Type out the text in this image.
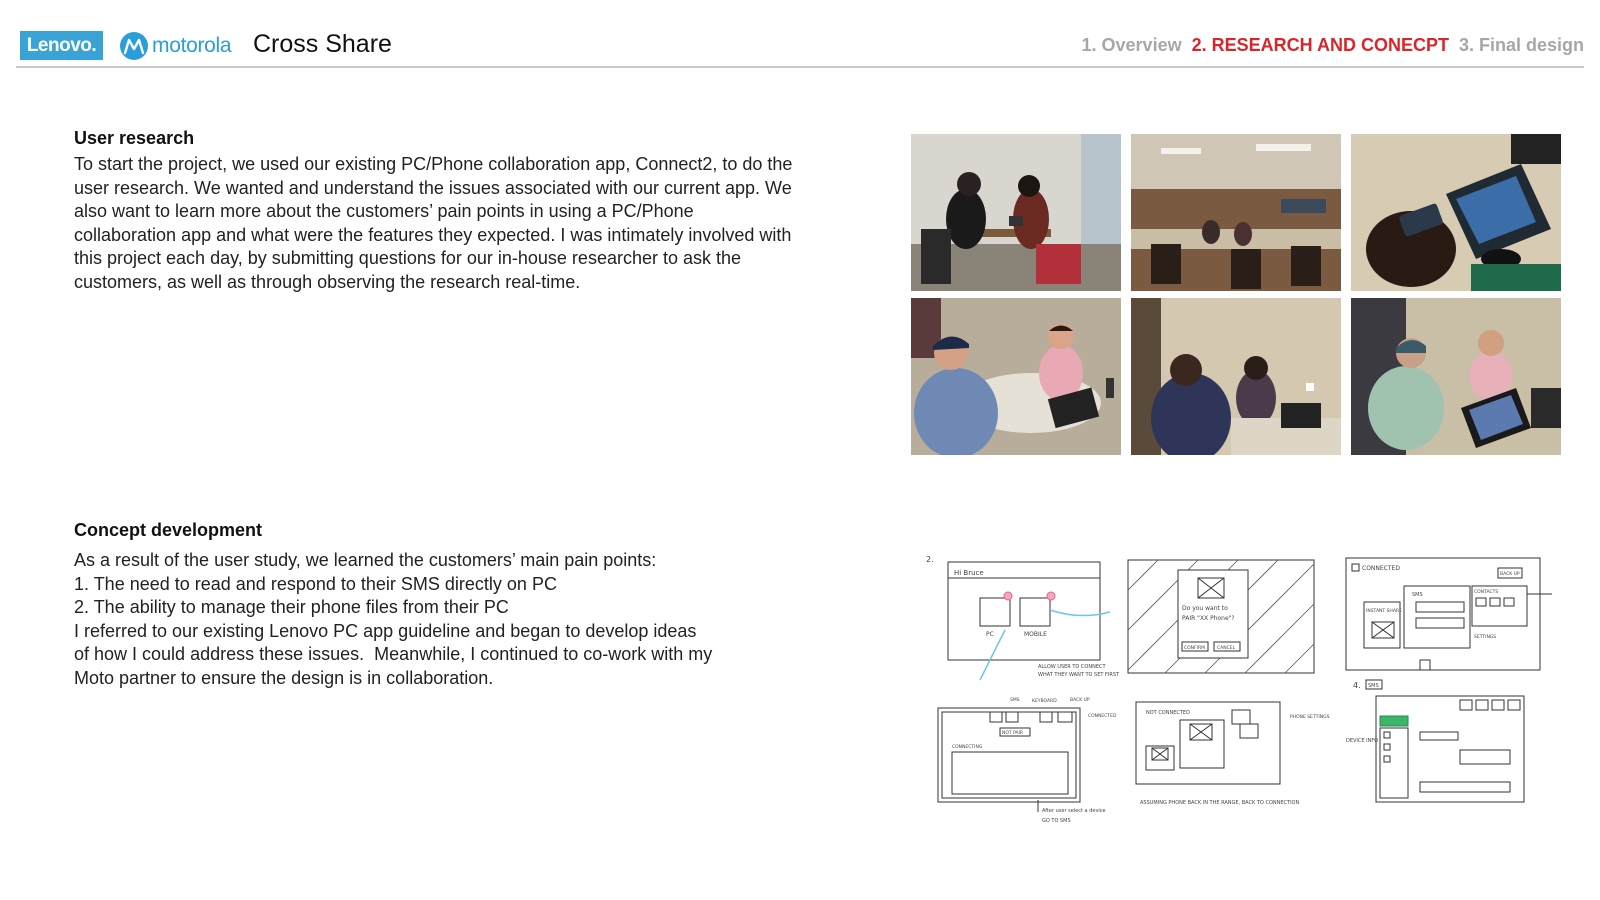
Lenovo.	motorola Cross Share	1. Overview 2. RESEARCH AND CONECPT 3. Final design
User research

To start the project, we used our existing PC/Phone collaboration app, Connect2, to do the user research. We wanted and understand the issues associated with our current app. We also want to learn more about the customers’ pain points in using a PC/Phone collaboration app and what were the features they expected. I was intimately involved with this project each day, by submitting questions for our in-house researcher to ask the customers, as well as through observing the research real-time.

Concept development

As a result of the user study, we learned the customers’ main pain points:

1. The need to read and respond to their SMS directly on PC

2. The ability to manage their phone files from their PC

I referred to our existing Lenovo PC app guideline and began to develop ideas

of how I could address these issues.  Meanwhile, I continued to co-work with my

Moto partner to ensure the design is in collaboration.

2.
Hi Bruce
PC	MOBILE
ALLOW USER TO CONNECT
WHAT THEY WANT TO SET FIRST
Do you want to
PAIR "XX Phone"?
CONFIRM	CANCEL
CONNECTED
BACK UP
INSTANT SHARE
SMS	CONTACTS
SETTINGS
SMS	KEYBOARD	BACK UP
CONNECTED
NOT PAIR
CONNECTING
After user select a device
GO TO SMS
NOT CONNECTED
PHONE SETTINGS
ASSUMING PHONE BACK IN THE RANGE, BACK TO CONNECTION
4. SMS
DEVICE INFO
